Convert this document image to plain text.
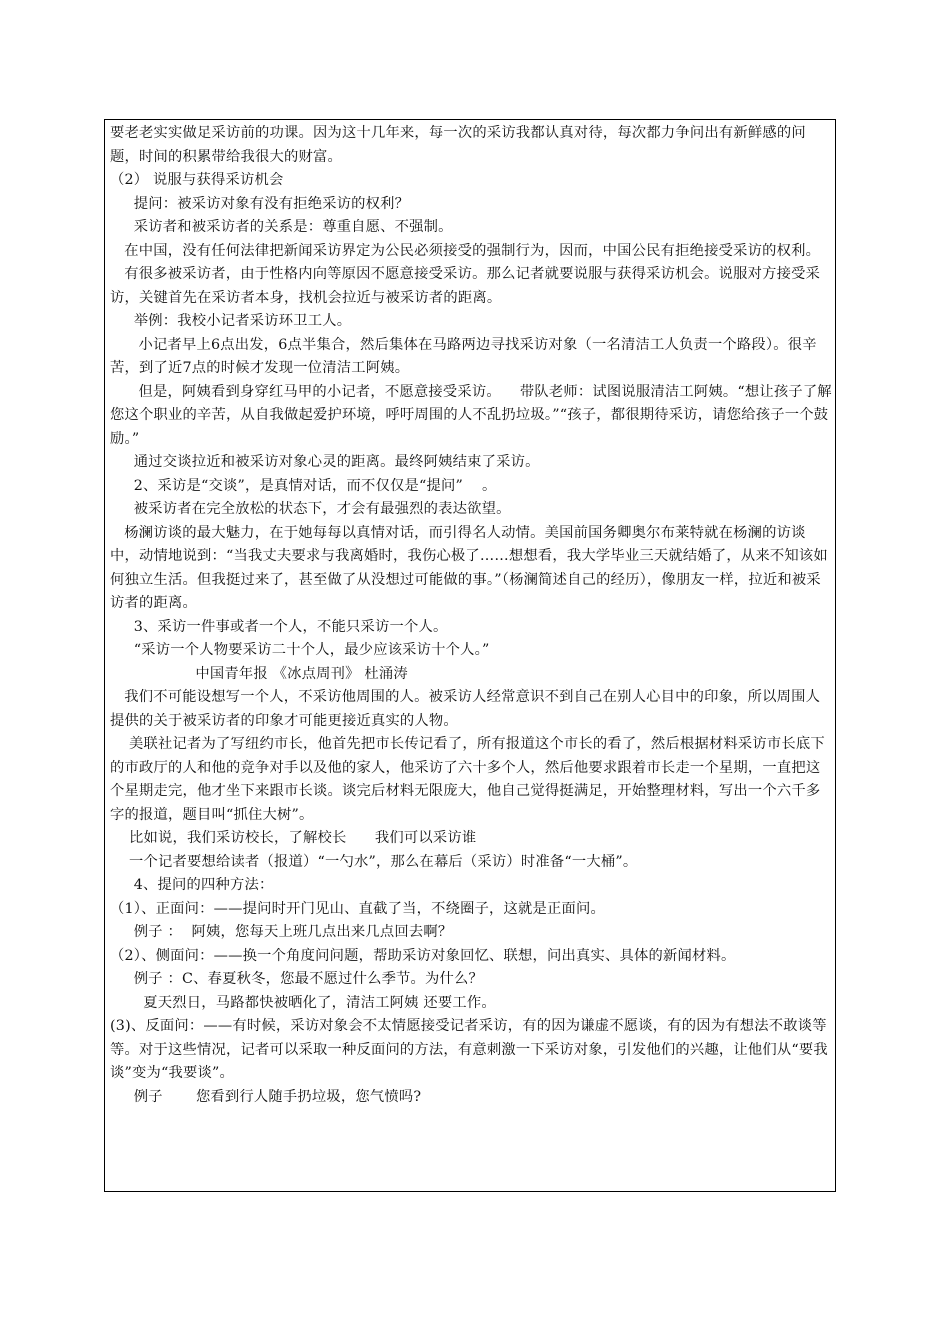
要老老实实做足采访前的功课。因为这十几年来，每一次的采访我都认真对待，每次都力争问出有新鲜感的问题，时间的积累带给我很大的财富。
（2） 说服与获得采访机会
提问：被采访对象有没有拒绝采访的权利？
采访者和被采访者的关系是：尊重自愿、不强制。
在中国，没有任何法律把新闻采访界定为公民必须接受的强制行为，因而，中国公民有拒绝接受采访的权利。
有很多被采访者，由于性格内向等原因不愿意接受采访。那么记者就要说服与获得采访机会。说服对方接受采访，关键首先在采访者本身，找机会拉近与被采访者的距离。
举例：我校小记者采访环卫工人。
小记者早上6点出发，6点半集合，然后集体在马路两边寻找采访对象（一名清洁工人负责一个路段）。很辛苦，到了近7点的时候才发现一位清洁工阿姨。
但是，阿姨看到身穿红马甲的小记者，不愿意接受采访。    带队老师：试图说服清洁工阿姨。“想让孩子了解您这个职业的辛苦，从自我做起爱护环境，呼吁周围的人不乱扔垃圾。”“孩子，都很期待采访，请您给孩子一个鼓励。”
通过交谈拉近和被采访对象心灵的距离。最终阿姨结束了采访。
2、采访是“交谈”，是真情对话，而不仅仅是“提问”    。
被采访者在完全放松的状态下，才会有最强烈的表达欲望。
杨澜访谈的最大魅力，在于她每每以真情对话，而引得名人动情。美国前国务卿奥尔布莱特就在杨澜的访谈中，动情地说到：“当我丈夫要求与我离婚时，我伤心极了……想想看，我大学毕业三天就结婚了，从来不知该如何独立生活。但我挺过来了，甚至做了从没想过可能做的事。”（杨澜简述自己的经历），像朋友一样，拉近和被采访者的距离。
3、采访一件事或者一个人，不能只采访一个人。
“采访一个人物要采访二十个人，最少应该采访十个人。”
中国青年报 《冰点周刊》 杜涌涛
我们不可能设想写一个人，不采访他周围的人。被采访人经常意识不到自己在别人心目中的印象，所以周围人提供的关于被采访者的印象才可能更接近真实的人物。
美联社记者为了写纽约市长，他首先把市长传记看了，所有报道这个市长的看了，然后根据材料采访市长底下的市政厅的人和他的竞争对手以及他的家人，他采访了六十多个人，然后他要求跟着市长走一个星期，一直把这个星期走完，他才坐下来跟市长谈。谈完后材料无限庞大，他自己觉得挺满足，开始整理材料，写出一个六千多字的报道，题目叫“抓住大树”。
比如说，我们采访校长，了解校长      我们可以采访谁
一个记者要想给读者（报道）“一勺水”，那么在幕后（采访）时准备“一大桶”。
4、提问的四种方法：
（1）、正面问：——提问时开门见山、直截了当，不绕圈子，这就是正面问。
例子 ：  阿姨，您每天上班几点出来几点回去啊？
（2）、侧面问：——换一个角度问问题，帮助采访对象回忆、联想，问出真实、具体的新闻材料。
例子 ：C、春夏秋冬，您最不愿过什么季节。为什么？
夏天烈日，马路都快被晒化了，清洁工阿姨 还要工作。
(3)、反面问：——有时候，采访对象会不太情愿接受记者采访，有的因为谦虚不愿谈，有的因为有想法不敢谈等等。对于这些情况，记者可以采取一种反面问的方法，有意刺激一下采访对象，引发他们的兴趣，让他们从“要我谈”变为“我要谈”。
例子       您看到行人随手扔垃圾，您气愤吗?
